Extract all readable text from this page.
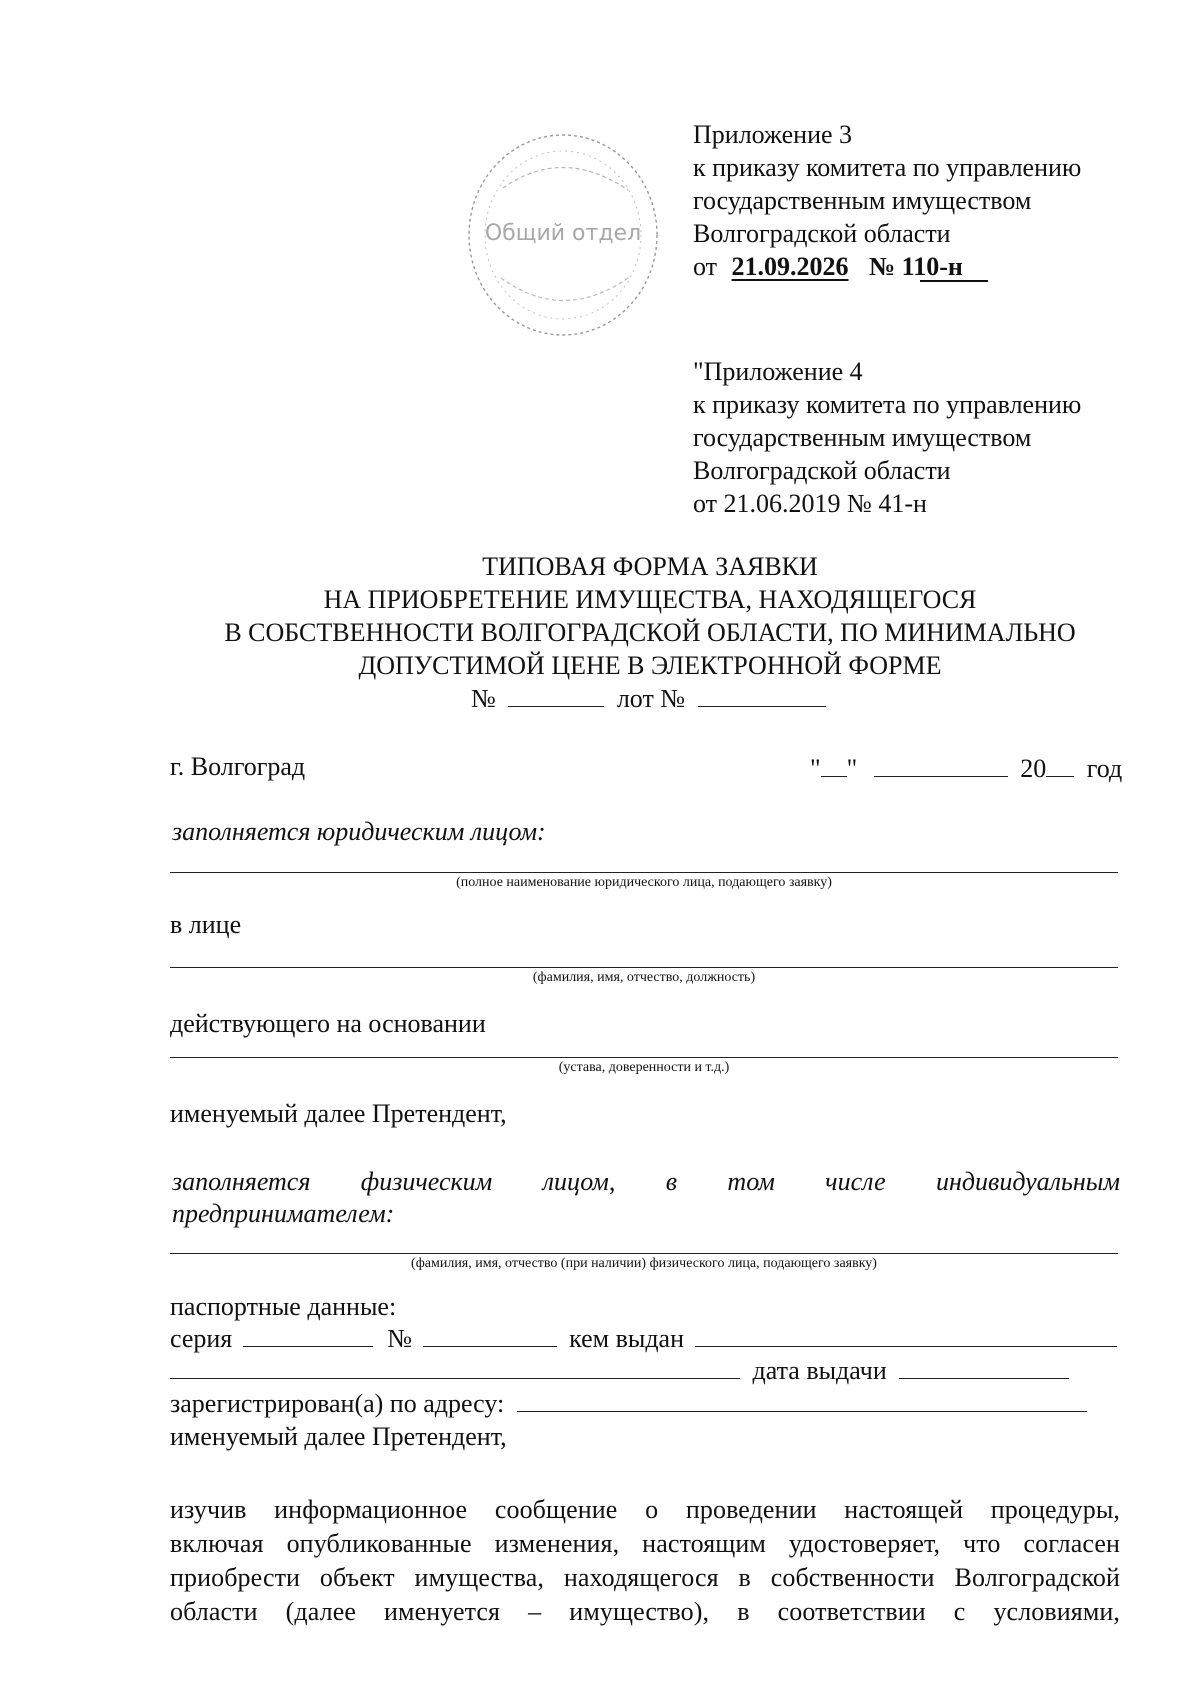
Общий отдел
Приложение 3
к приказу комитета по управлению
государственным имуществом
Волгоградской области
от 21.09.2026 № 110-н
"Приложение 4
к приказу комитета по управлению
государственным имуществом
Волгоградской области
от 21.06.2019 № 41-н
ТИПОВАЯ ФОРМА ЗАЯВКИ
НА ПРИОБРЕТЕНИЕ ИМУЩЕСТВА, НАХОДЯЩЕГОСЯ
В СОБСТВЕННОСТИ ВОЛГОГРАДСКОЙ ОБЛАСТИ, ПО МИНИМАЛЬНО
ДОПУСТИМОЙ ЦЕНЕ В ЭЛЕКТРОННОЙ ФОРМЕ
№	лот №
г. Волгоград	" "	20 год
заполняется юридическим лицом:
(полное наименование юридического лица, подающего заявку)
в лице
(фамилия, имя, отчество, должность)
действующего на основании
(устава, доверенности и т.д.)
именуемый далее Претендент,
заполняется физическим лицом, в том числе индивидуальным
предпринимателем:
(фамилия, имя, отчество (при наличии) физического лица, подающего заявку)
паспортные данные:
серия	№	кем выдан
дата выдачи
зарегистрирован(а) по адресу:
именуемый далее Претендент,
изучив информационное сообщение о проведении настоящей процедуры,
включая опубликованные изменения, настоящим удостоверяет, что согласен
приобрести объект имущества, находящегося в собственности Волгоградской
области (далее именуется – имущество), в соответствии с условиями,
